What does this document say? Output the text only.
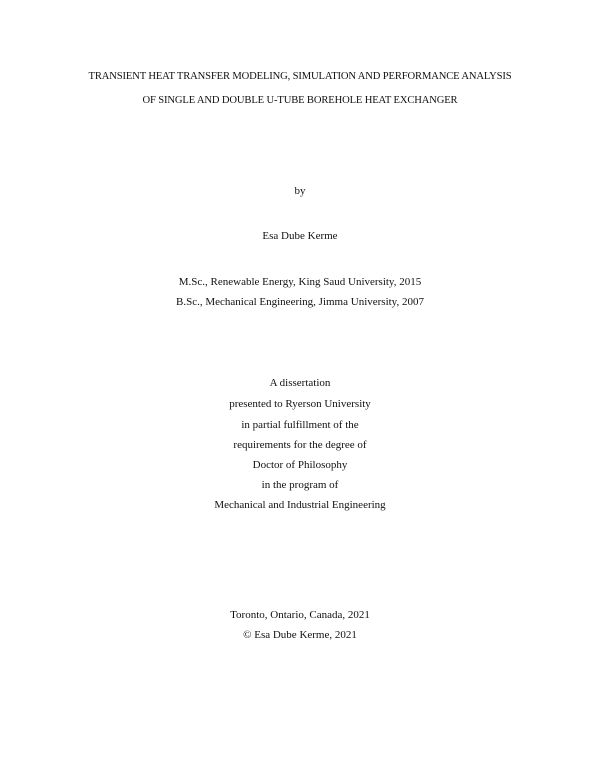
TRANSIENT HEAT TRANSFER MODELING, SIMULATION AND PERFORMANCE ANALYSIS
OF SINGLE AND DOUBLE U-TUBE BOREHOLE HEAT EXCHANGER
by
Esa Dube Kerme
M.Sc., Renewable Energy, King Saud University, 2015
B.Sc., Mechanical Engineering, Jimma University, 2007
A dissertation
presented to Ryerson University
in partial fulfillment of the
requirements for the degree of
Doctor of Philosophy
in the program of
Mechanical and Industrial Engineering
Toronto, Ontario, Canada, 2021
© Esa Dube Kerme, 2021
